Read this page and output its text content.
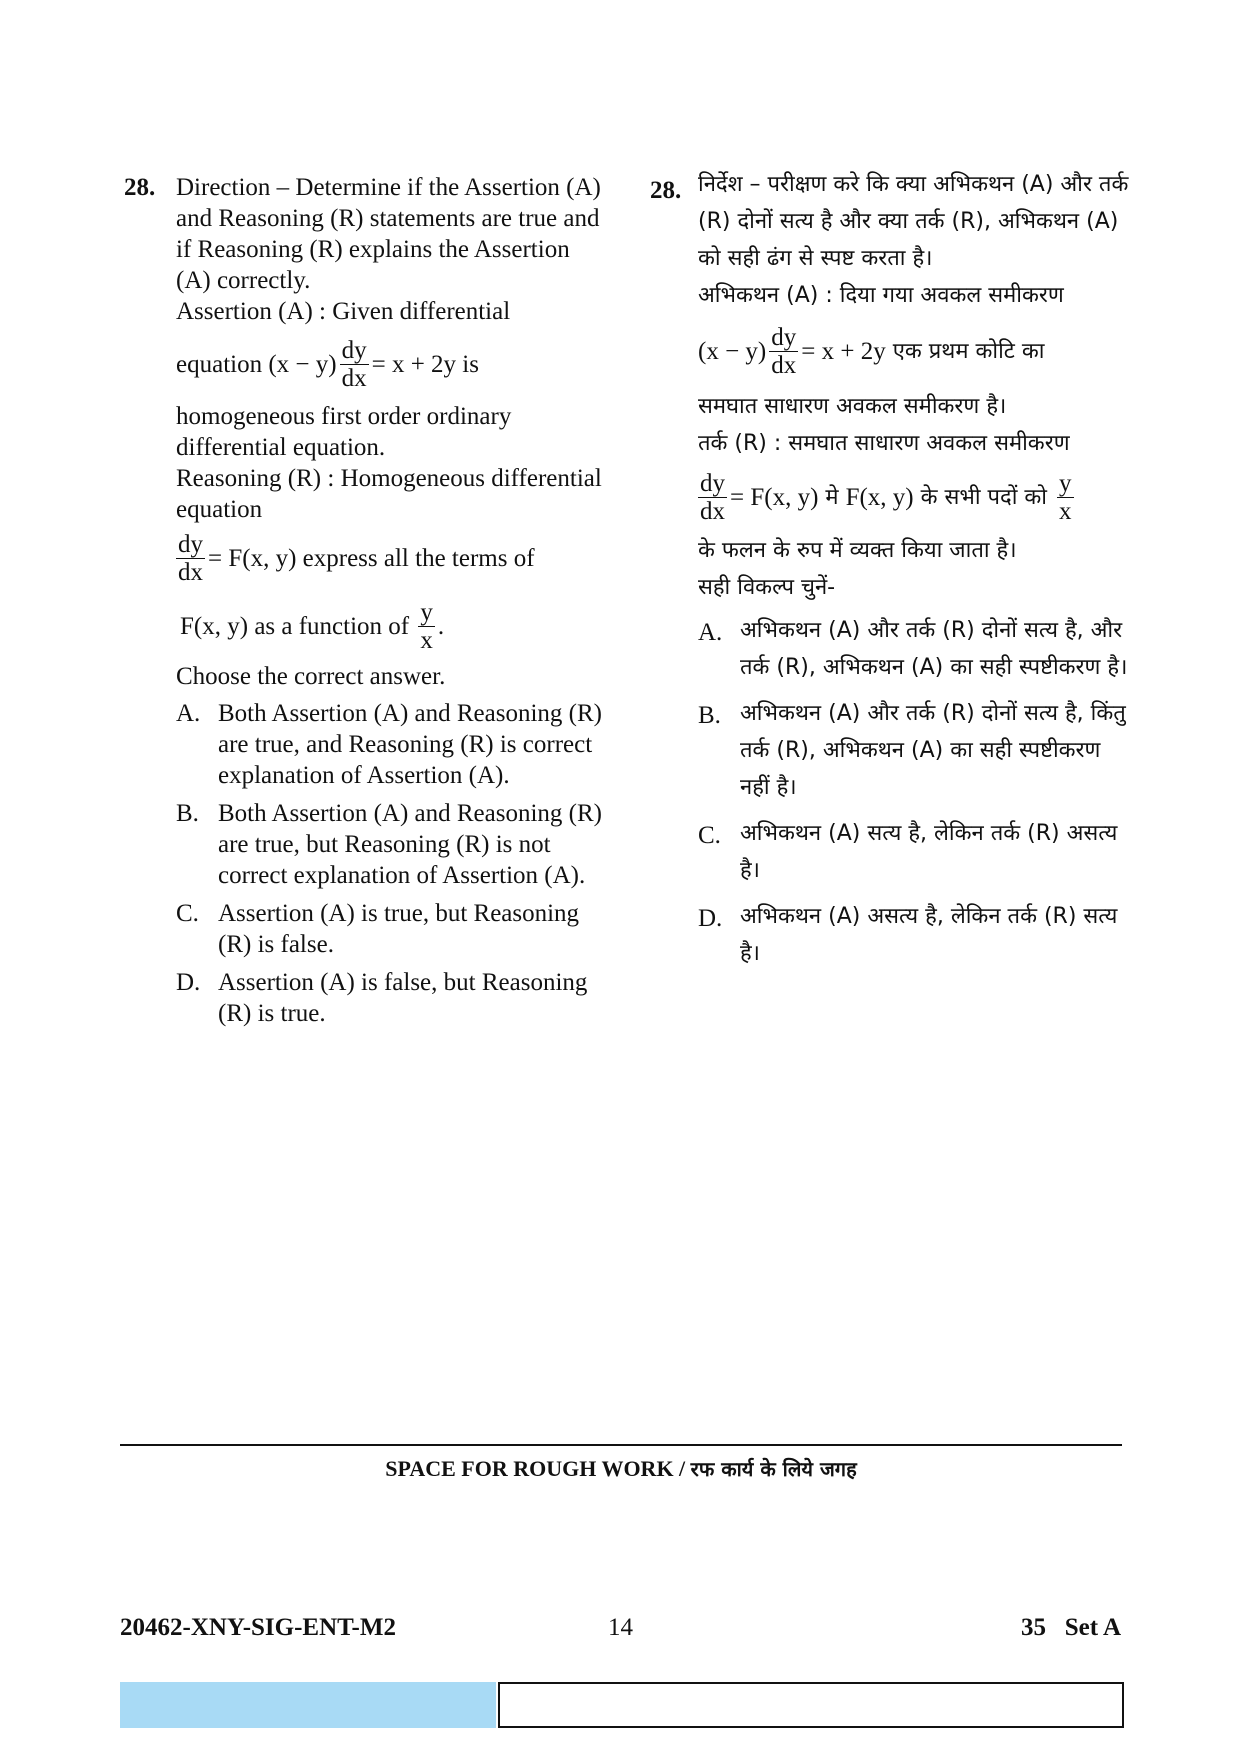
28. Direction – Determine if the Assertion (A) and Reasoning (R) statements are true and if Reasoning (R) explains the Assertion (A) correctly.

Assertion (A) : Given differential

equation
$(x - y) \frac{dy}{dx} = x + 2y$
is

homogeneous first order ordinary differential equation.

Reasoning (R) : Homogeneous differential equation

$\frac{dy}{dx} = F(x$, y)
express all the terms of
F(x, y)
as a function of
$\frac{y}{x}$ .

Choose the correct answer.

A. Both Assertion (A) and Reasoning (R) are true, and Reasoning (R) is correct explanation of Assertion (A).
B. Both Assertion (A) and Reasoning (R) are true, but Reasoning (R) is not correct explanation of Assertion (A).
C. Assertion (A) is true, but Reasoning (R) is false.
D. Assertion (A) is false, but Reasoning (R) is true.
28. निर्देश – परीक्षण करे कि क्या अभिकथन (A) और तर्क (R) दोनों सत्य है और क्या तर्क (R), अभिकथन (A) को सही ढंग से स्पष्ट करता है।

अभिकथन (A) : दिया गया अवकल समीकरण

$(x - y) \frac{dy}{dx} = x + 2y$
एक प्रथम कोटि का

समघात साधारण अवकल समीकरण है।

तर्क (R) : समघात साधारण अवकल समीकरण

$\frac{dy}{dx} = F(x$, y)
मे
F(x, y)
के सभी पदों को
$\frac{y}{x}$

के फलन के रुप में व्यक्त किया जाता है।

सही विकल्प चुनें-

A. अभिकथन (A) और तर्क (R) दोनों सत्य है, और तर्क (R), अभिकथन (A) का सही स्पष्टीकरण है।
B. अभिकथन (A) और तर्क (R) दोनों सत्य है, किंतु तर्क (R), अभिकथन (A) का सही स्पष्टीकरण नहीं है।
C. अभिकथन (A) सत्य है, लेकिन तर्क (R) असत्य है।
D. अभिकथन (A) असत्य है, लेकिन तर्क (R) सत्य है।
SPACE FOR ROUGH WORK / रफ कार्य के लिये जगह
20462-XNY-SIG-ENT-M2	14	35   Set A
